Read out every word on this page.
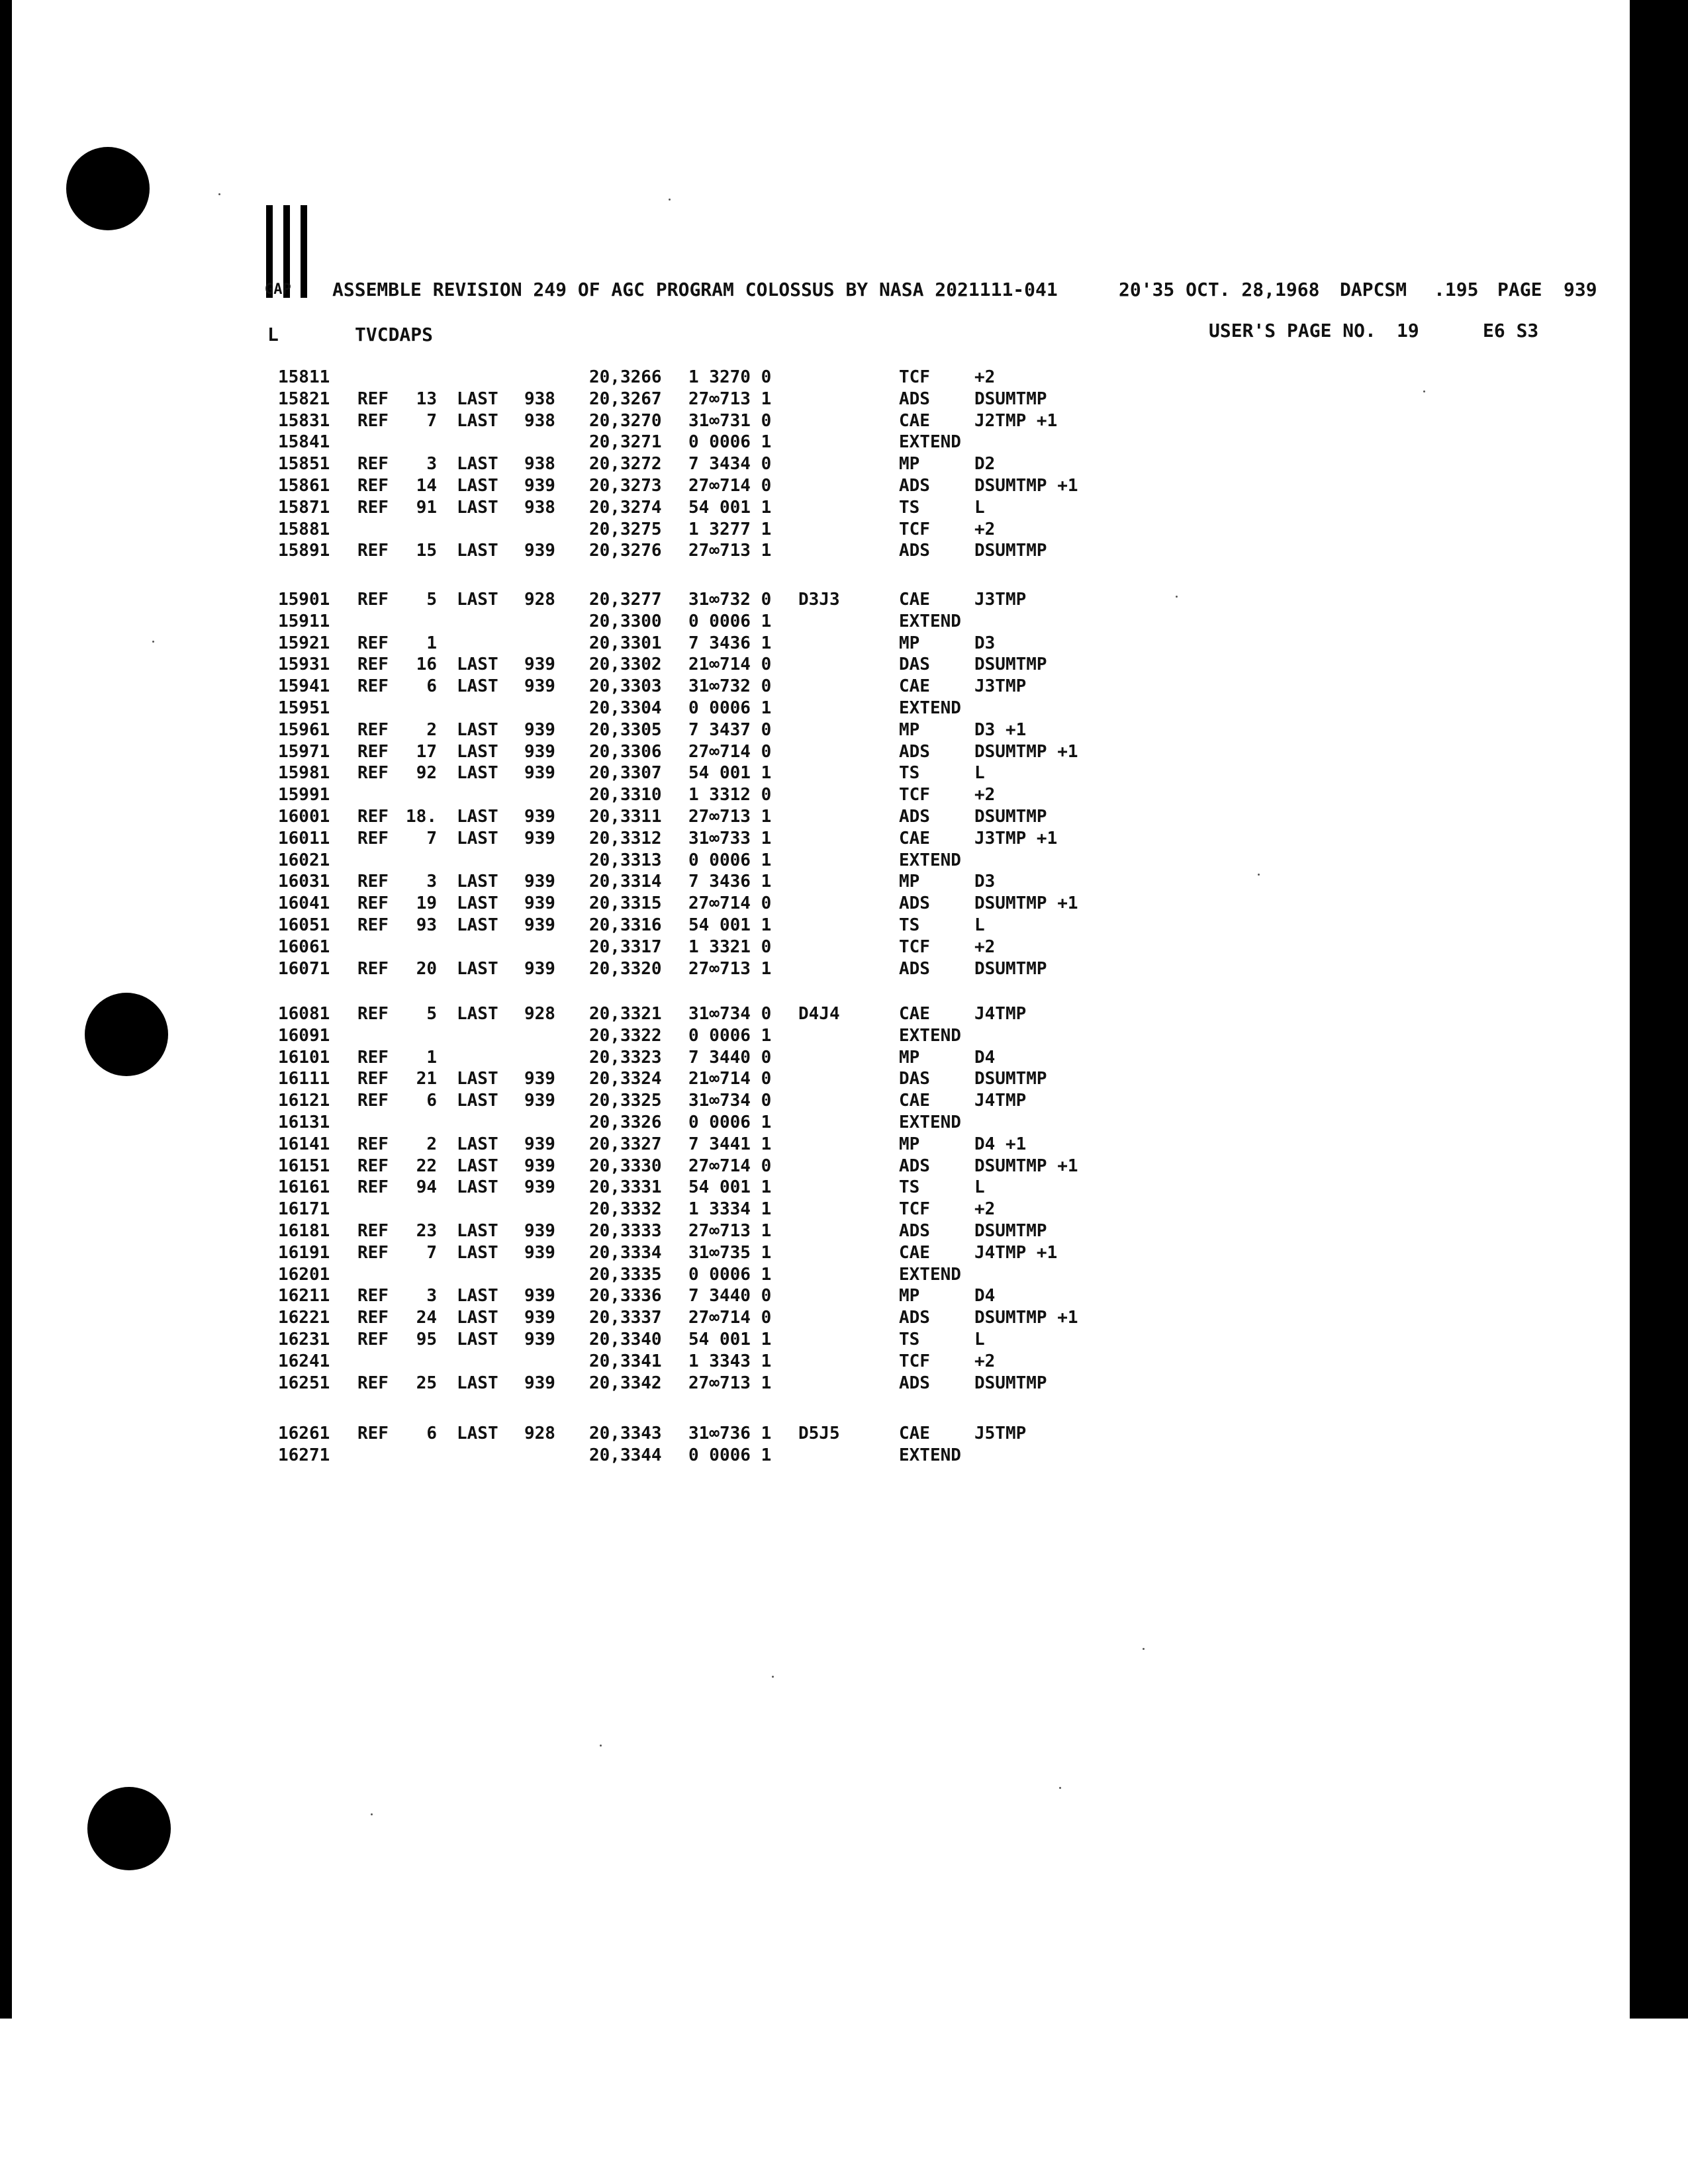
GAP ASSEMBLE REVISION 249 OF AGC PROGRAM COLOSSUS BY NASA 2021111-041	20'35 OCT. 28,1968 DAPCSM .195 PAGE 939
L	TVCDAPS	USER'S PAGE NO. 19	E6 S3
15811	20,3266 1 3270 0	TCF	+2
15821 REF	13 LAST 938 20,3267 27∞713 1	ADS	DSUMTMP
15831 REF	7 LAST 938 20,3270 31∞731 0	CAE	J2TMP +1
15841	20,3271 0 0006 1	EXTEND
15851 REF	3 LAST 938 20,3272 7 3434 0	MP	D2
15861 REF	14 LAST 939 20,3273 27∞714 0	ADS	DSUMTMP +1
15871 REF	91 LAST 938 20,3274 54 001 1	TS	L
15881	20,3275 1 3277 1	TCF	+2
15891 REF	15 LAST 939 20,3276 27∞713 1	ADS	DSUMTMP
15901 REF	5 LAST 928 20,3277 31∞732 0 D3J3	CAE	J3TMP
15911	20,3300 0 0006 1	EXTEND
15921 REF	1	20,3301 7 3436 1	MP	D3
15931 REF	16 LAST 939 20,3302 21∞714 0	DAS	DSUMTMP
15941 REF	6 LAST 939 20,3303 31∞732 0	CAE	J3TMP
15951	20,3304 0 0006 1	EXTEND
15961 REF	2 LAST 939 20,3305 7 3437 0	MP	D3 +1
15971 REF	17 LAST 939 20,3306 27∞714 0	ADS	DSUMTMP +1
15981 REF	92 LAST 939 20,3307 54 001 1	TS	L
15991	20,3310 1 3312 0	TCF	+2
16001 REF 18. LAST 939 20,3311 27∞713 1	ADS	DSUMTMP
16011 REF	7 LAST 939 20,3312 31∞733 1	CAE	J3TMP +1
16021	20,3313 0 0006 1	EXTEND
16031 REF	3 LAST 939 20,3314 7 3436 1	MP	D3
16041 REF	19 LAST 939 20,3315 27∞714 0	ADS	DSUMTMP +1
16051 REF	93 LAST 939 20,3316 54 001 1	TS	L
16061	20,3317 1 3321 0	TCF	+2
16071 REF	20 LAST 939 20,3320 27∞713 1	ADS	DSUMTMP
16081 REF	5 LAST 928 20,3321 31∞734 0 D4J4	CAE	J4TMP
16091	20,3322 0 0006 1	EXTEND
16101 REF	1	20,3323 7 3440 0	MP	D4
16111 REF	21 LAST 939 20,3324 21∞714 0	DAS	DSUMTMP
16121 REF	6 LAST 939 20,3325 31∞734 0	CAE	J4TMP
16131	20,3326 0 0006 1	EXTEND
16141 REF	2 LAST 939 20,3327 7 3441 1	MP	D4 +1
16151 REF	22 LAST 939 20,3330 27∞714 0	ADS	DSUMTMP +1
16161 REF	94 LAST 939 20,3331 54 001 1	TS	L
16171	20,3332 1 3334 1	TCF	+2
16181 REF	23 LAST 939 20,3333 27∞713 1	ADS	DSUMTMP
16191 REF	7 LAST 939 20,3334 31∞735 1	CAE	J4TMP +1
16201	20,3335 0 0006 1	EXTEND
16211 REF	3 LAST 939 20,3336 7 3440 0	MP	D4
16221 REF	24 LAST 939 20,3337 27∞714 0	ADS	DSUMTMP +1
16231 REF	95 LAST 939 20,3340 54 001 1	TS	L
16241	20,3341 1 3343 1	TCF	+2
16251 REF	25 LAST 939 20,3342 27∞713 1	ADS	DSUMTMP
16261 REF	6 LAST 928 20,3343 31∞736 1 D5J5	CAE	J5TMP
16271	20,3344 0 0006 1	EXTEND
